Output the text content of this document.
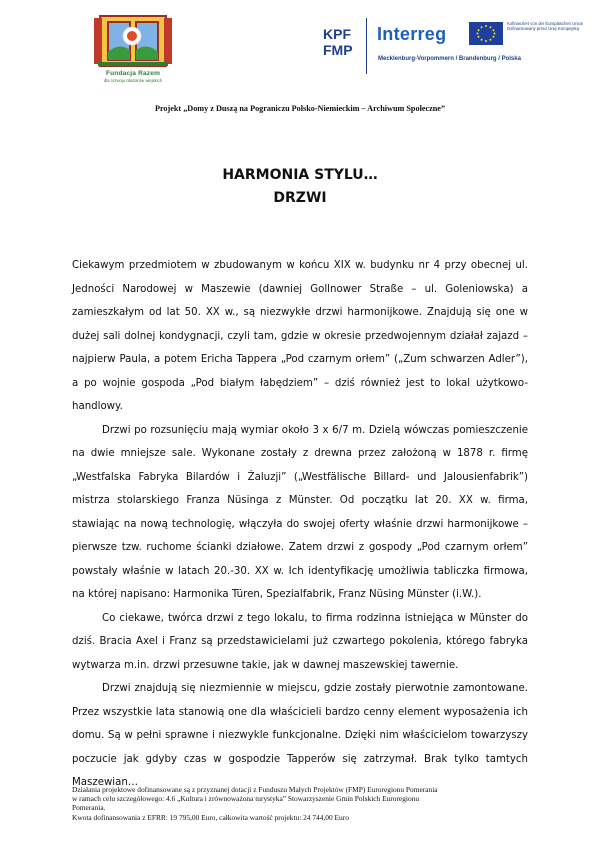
Fundacja Razem
dla rozwoju obszarów wiejskich
KPF
FMP
Interreg
Mecklenburg-Vorpommern / Brandenburg / Polska
Kofinanziert von der Europäischen Union
Dofinansowany przez Unię Europejską
Projekt „Domy z Duszą na Pograniczu Polsko-Niemieckim – Archiwum Społeczne”
HARMONIA STYLU…
DRZWI

Ciekawym przedmiotem w zbudowanym w końcu XIX w. budynku nr 4 przy obecnej ul. Jedności Narodowej w Maszewie (dawniej Gollnower Straße – ul. Goleniowska) a zamieszkałym od lat 50. XX w., są niezwykłe drzwi harmonijkowe. Znajdują się one w dużej sali dolnej kondygnacji, czyli tam, gdzie w okresie przedwojennym działał zajazd – najpierw Paula, a potem Ericha Tappera „Pod czarnym orłem” („Zum schwarzen Adler”), a po wojnie gospoda „Pod białym łabędziem” – dziś również jest to lokal użytkowo-handlowy.

Drzwi po rozsunięciu mają wymiar około 3 x 6/7 m. Dzielą wówczas pomieszczenie na dwie mniejsze sale. Wykonane zostały z drewna przez założoną w 1878 r. firmę „Westfalska Fabryka Bilardów i Żaluzji” („Westfälische Billard- und Jalousienfabrik”) mistrza stolarskiego Franza Nüsinga z Münster. Od początku lat 20. XX w. firma, stawiając na nową technologię, włączyła do swojej oferty właśnie drzwi harmonijkowe – pierwsze tzw. ruchome ścianki działowe. Zatem drzwi z gospody „Pod czarnym orłem” powstały właśnie w latach 20.-30. XX w. Ich identyfikację umożliwia tabliczka firmowa, na której napisano: Harmonika Türen, Spezialfabrik, Franz Nüsing Münster (i.W.).

Co ciekawe, twórca drzwi z tego lokalu, to firma rodzinna istniejąca w Münster do dziś. Bracia Axel i Franz są przedstawicielami już czwartego pokolenia, którego fabryka wytwarza m.in. drzwi przesuwne takie, jak w dawnej maszewskiej tawernie.

Drzwi znajdują się niezmiennie w miejscu, gdzie zostały pierwotnie zamontowane. Przez wszystkie lata stanowią one dla właścicieli bardzo cenny element wyposażenia ich domu. Są w pełni sprawne i niezwykle funkcjonalne. Dzięki nim właścicielom towarzyszy poczucie jak gdyby czas w gospodzie Tapperów się zatrzymał. Brak tylko tamtych Maszewian…

Działania projektowe dofinansowane są z przyznanej dotacji z Funduszu Małych Projektów (FMP) Euroregionu Pomerania
w ramach celu szczegółowego: 4.6 „Kultura i zrównoważona turystyka” Stowarzyszenie Gmin Polskich Euroregionu
Pomerania.
Kwota dofinansowania z EFRR: 19 795,00 Euro, całkowita wartość projektu: 24 744,00 Euro
